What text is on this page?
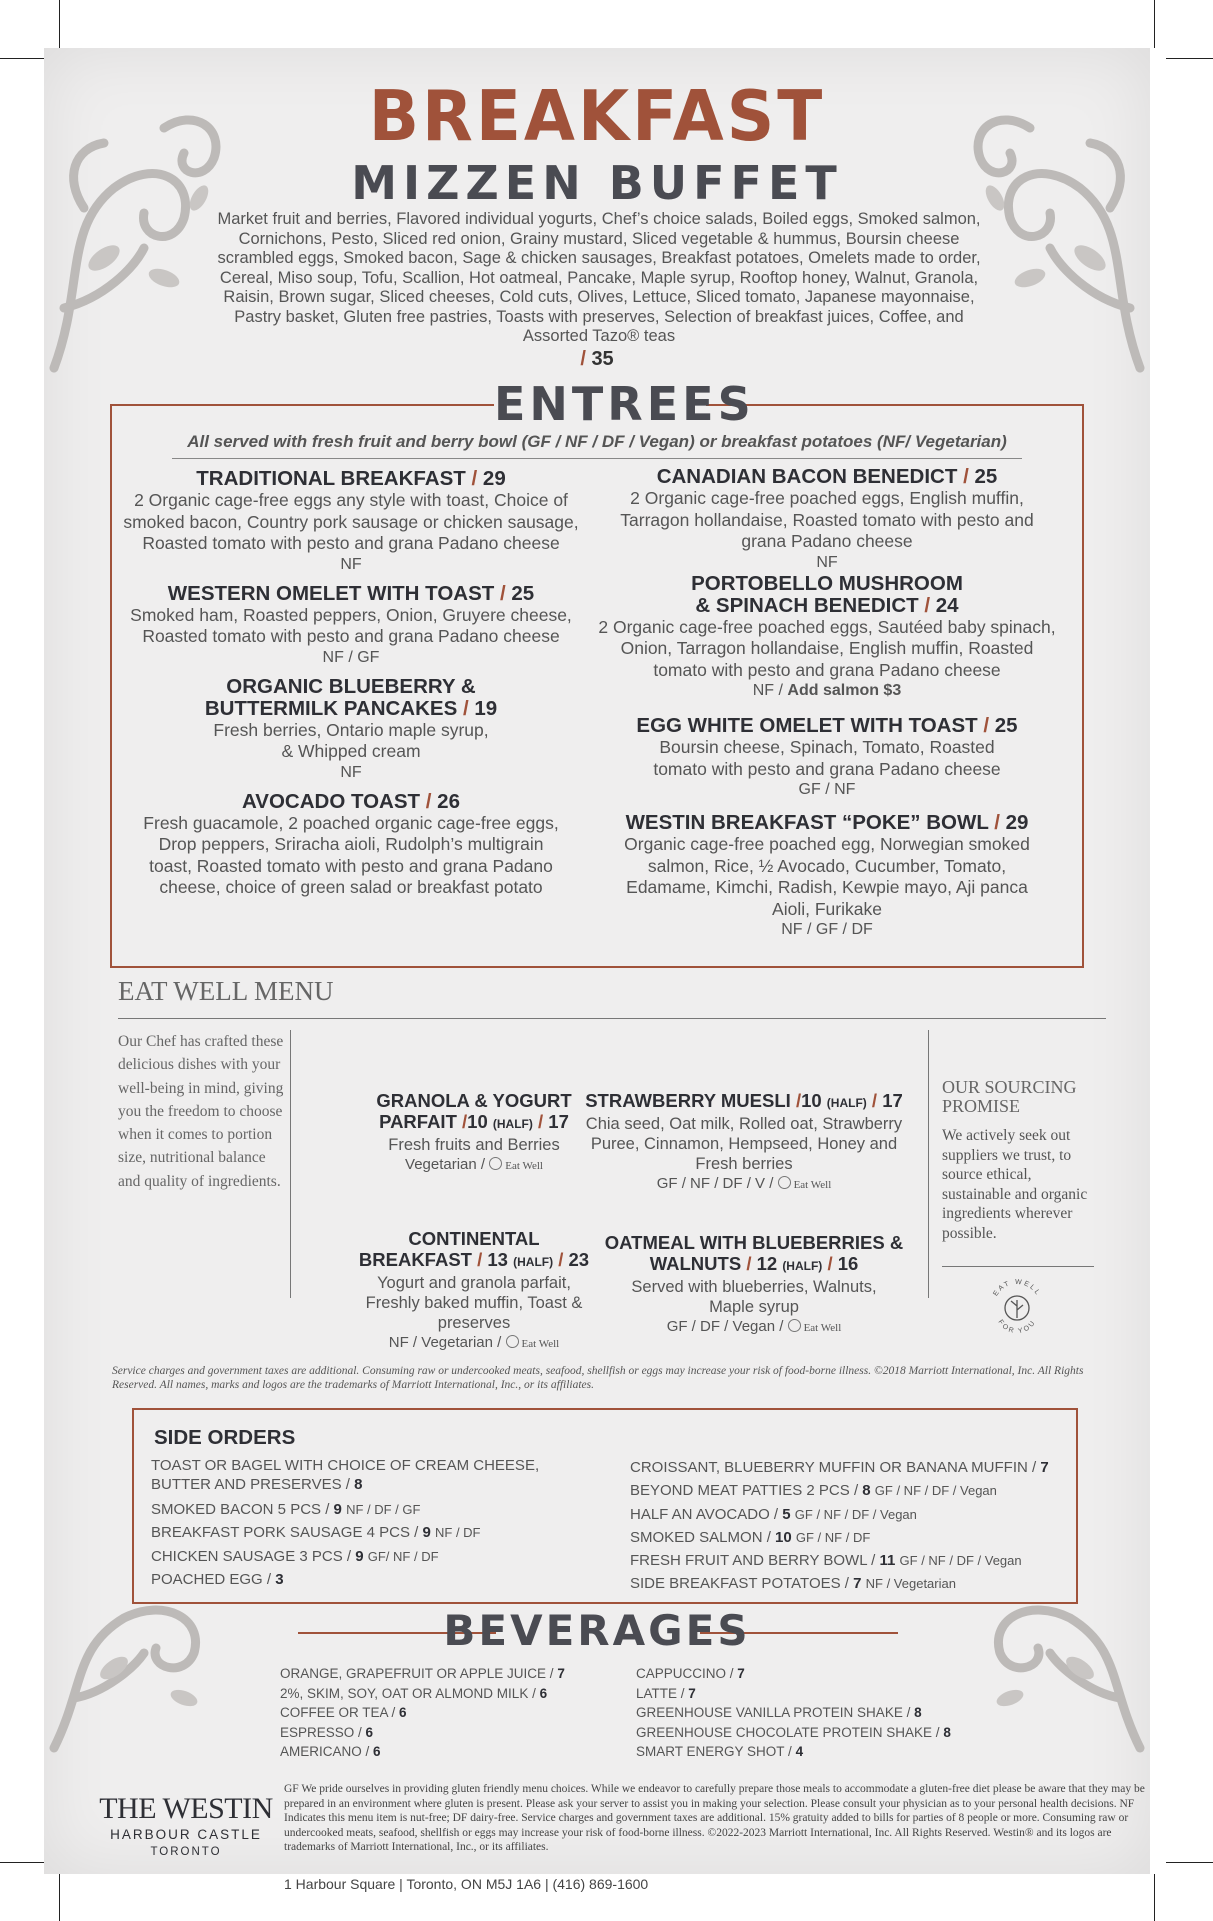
BREAKFAST
MIZZEN BUFFET
Market fruit and berries, Flavored individual yogurts, Chef’s choice salads, Boiled eggs, Smoked salmon, Cornichons, Pesto, Sliced red onion, Grainy mustard, Sliced vegetable & hummus, Boursin cheese scrambled eggs, Smoked bacon, Sage & chicken sausages, Breakfast potatoes, Omelets made to order, Cereal, Miso soup, Tofu, Scallion, Hot oatmeal, Pancake, Maple syrup, Rooftop honey, Walnut, Granola, Raisin, Brown sugar, Sliced cheeses, Cold cuts, Olives, Lettuce, Sliced tomato, Japanese mayonnaise, Pastry basket, Gluten free pastries, Toasts with preserves, Selection of breakfast juices, Coffee, and Assorted Tazo® teas
/ 35
ENTREES
All served with fresh fruit and berry bowl (GF / NF / DF / Vegan) or breakfast potatoes (NF/ Vegetarian)
TRADITIONAL BREAKFAST / 29
2 Organic cage-free eggs any style with toast, Choice of smoked bacon, Country pork sausage or chicken sausage, Roasted tomato with pesto and grana Padano cheese
NF
WESTERN OMELET WITH TOAST / 25
Smoked ham, Roasted peppers, Onion, Gruyere cheese, Roasted tomato with pesto and grana Padano cheese
NF / GF
ORGANIC BLUEBERRY & BUTTERMILK PANCAKES / 19
Fresh berries, Ontario maple syrup, & Whipped cream
NF
AVOCADO TOAST / 26
Fresh guacamole, 2 poached organic cage-free eggs, Drop peppers, Sriracha aioli, Rudolph’s multigrain toast, Roasted tomato with pesto and grana Padano cheese, choice of green salad or breakfast potato
CANADIAN BACON BENEDICT / 25
2 Organic cage-free poached eggs, English muffin, Tarragon hollandaise, Roasted tomato with pesto and grana Padano cheese
NF
PORTOBELLO MUSHROOM & SPINACH BENEDICT / 24
2 Organic cage-free poached eggs, Sautéed baby spinach, Onion, Tarragon hollandaise, English muffin, Roasted tomato with pesto and grana Padano cheese
NF / Add salmon $3
EGG WHITE OMELET WITH TOAST / 25
Boursin cheese, Spinach, Tomato, Roasted tomato with pesto and grana Padano cheese
GF / NF
WESTIN BREAKFAST “POKE” BOWL / 29
Organic cage-free poached egg, Norwegian smoked salmon, Rice, ½ Avocado, Cucumber, Tomato, Edamame, Kimchi, Radish, Kewpie mayo, Aji panca Aioli, Furikake
NF / GF / DF
EAT WELL MENU
Our Chef has crafted these delicious dishes with your well-being in mind, giving you the freedom to choose when it comes to portion size, nutritional balance and quality of ingredients.
GRANOLA & YOGURT PARFAIT /10 (HALF) / 17
Fresh fruits and Berries
Vegetarian / Eat Well
STRAWBERRY MUESLI /10 (HALF) / 17
Chia seed, Oat milk, Rolled oat, Strawberry Puree, Cinnamon, Hempseed, Honey and Fresh berries
GF / NF / DF / V / Eat Well
CONTINENTAL BREAKFAST / 13 (HALF) / 23
Yogurt and granola parfait, Freshly baked muffin, Toast & preserves
NF / Vegetarian / Eat Well
OATMEAL WITH BLUEBERRIES & WALNUTS / 12 (HALF) / 16
Served with blueberries, Walnuts, Maple syrup
GF / DF / Vegan / Eat Well
OUR SOURCING PROMISE
We actively seek out suppliers we trust, to source ethical, sustainable and organic ingredients wherever possible.
EAT WELL
FOR YOU
Service charges and government taxes are additional. Consuming raw or undercooked meats, seafood, shellfish or eggs may increase your risk of food-borne illness. ©2018 Marriott International, Inc. All Rights Reserved. All names, marks and logos are the trademarks of Marriott International, Inc., or its affiliates.
SIDE ORDERS
TOAST OR BAGEL WITH CHOICE OF CREAM CHEESE, BUTTER AND PRESERVES / 8
SMOKED BACON 5 PCS / 9 NF / DF / GF
BREAKFAST PORK SAUSAGE 4 PCS / 9 NF / DF
CHICKEN SAUSAGE 3 PCS / 9 GF/ NF / DF
POACHED EGG / 3
CROISSANT, BLUEBERRY MUFFIN OR BANANA MUFFIN / 7
BEYOND MEAT PATTIES 2 PCS / 8 GF / NF / DF / Vegan
HALF AN AVOCADO / 5 GF / NF / DF / Vegan
SMOKED SALMON / 10 GF / NF / DF
FRESH FRUIT AND BERRY BOWL / 11 GF / NF / DF / Vegan
SIDE BREAKFAST POTATOES / 7 NF / Vegetarian
BEVERAGES
ORANGE, GRAPEFRUIT OR APPLE JUICE / 7
2%, SKIM, SOY, OAT OR ALMOND MILK / 6
COFFEE OR TEA / 6
ESPRESSO / 6
AMERICANO / 6
CAPPUCCINO / 7
LATTE / 7
GREENHOUSE VANILLA PROTEIN SHAKE / 8
GREENHOUSE CHOCOLATE PROTEIN SHAKE / 8
SMART ENERGY SHOT / 4
THE WESTIN
HARBOUR CASTLE
TORONTO
GF We pride ourselves in providing gluten friendly menu choices. While we endeavor to carefully prepare those meals to accommodate a gluten-free diet please be aware that they may be prepared in an environment where gluten is present. Please ask your server to assist you in making your selection. Please consult your physician as to your personal health decisions. NF Indicates this menu item is nut-free; DF dairy-free. Service charges and government taxes are additional. 15% gratuity added to bills for parties of 8 people or more. Consuming raw or undercooked meats, seafood, shellfish or eggs may increase your risk of food-borne illness. ©2022-2023 Marriott International, Inc. All Rights Reserved. Westin® and its logos are trademarks of Marriott International, Inc., or its affiliates.
1 Harbour Square | Toronto, ON M5J 1A6 | (416) 869-1600
